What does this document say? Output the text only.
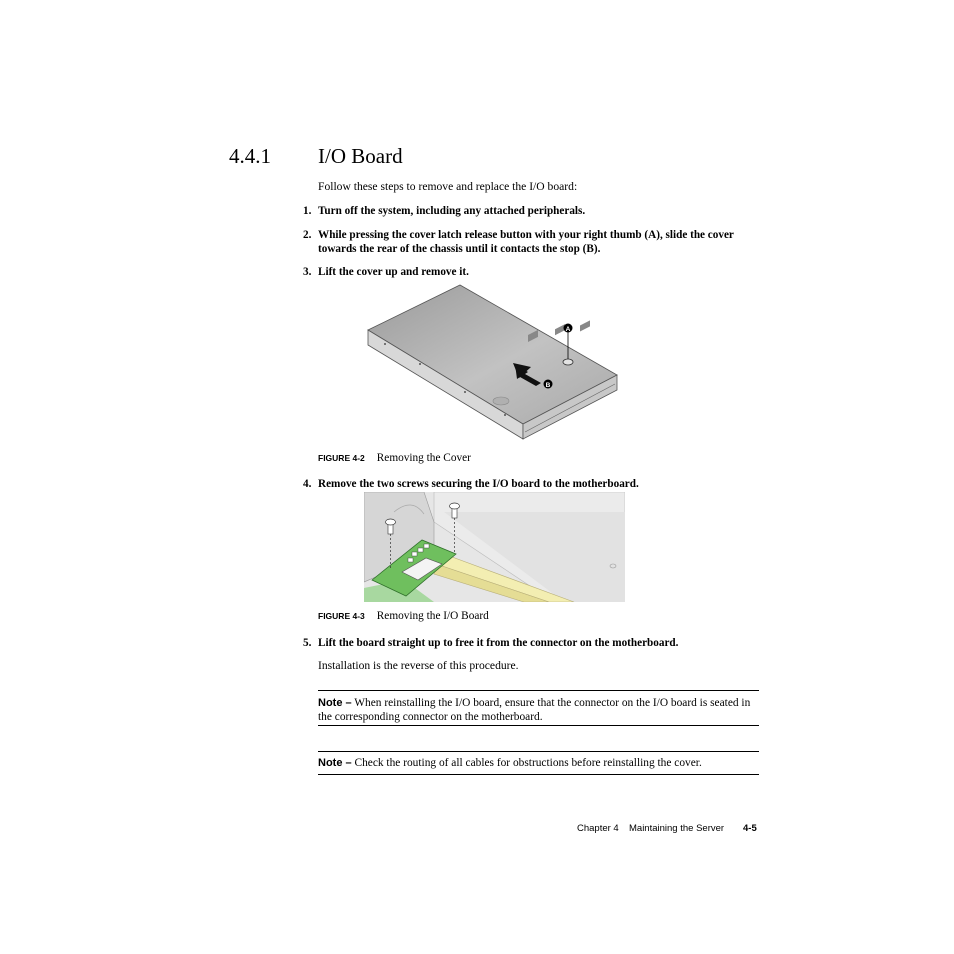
4.4.1 I/O Board
Follow these steps to remove and replace the I/O board:
1. Turn off the system, including any attached peripherals.
2. While pressing the cover latch release button with your right thumb (A), slide the cover towards the rear of the chassis until it contacts the stop (B).
3. Lift the cover up and remove it.
A
B
FIGURE 4-2 Removing the Cover
4. Remove the two screws securing the I/O board to the motherboard.
FIGURE 4-3 Removing the I/O Board
5. Lift the board straight up to free it from the connector on the motherboard.
Installation is the reverse of this procedure.
Note – When reinstalling the I/O board, ensure that the connector on the I/O board is seated in the corresponding connector on the motherboard.
Note – Check the routing of all cables for obstructions before reinstalling the cover.
Chapter 4 Maintaining the Server 4-5
